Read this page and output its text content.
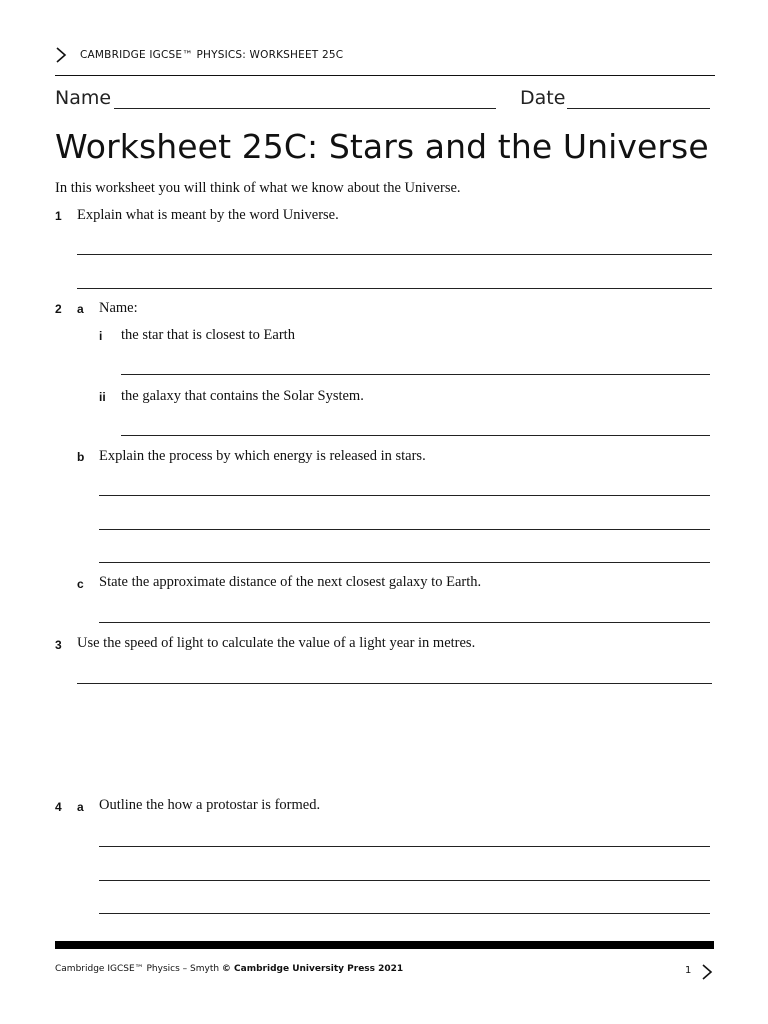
CAMBRIDGE IGCSE™ PHYSICS: WORKSHEET 25C
Name	Date
Worksheet 25C: Stars and the Universe
In this worksheet you will think of what we know about the Universe.
1 Explain what is meant by the word Universe.
2 a Name:
i the star that is closest to Earth
ii the galaxy that contains the Solar System.
b Explain the process by which energy is released in stars.
c State the approximate distance of the next closest galaxy to Earth.
3 Use the speed of light to calculate the value of a light year in metres.
4 a Outline the how a protostar is formed.
Cambridge IGCSE™ Physics – Smyth © Cambridge University Press 2021	1
